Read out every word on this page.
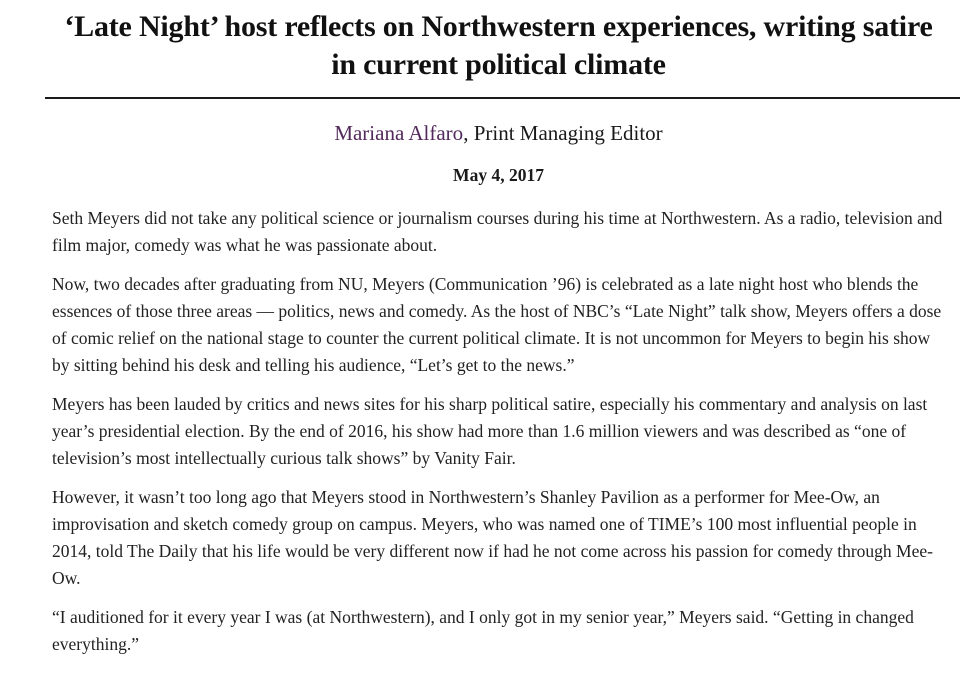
‘Late Night’ host reflects on Northwestern experiences, writing satire in current political climate
Mariana Alfaro, Print Managing Editor
May 4, 2017

Seth Meyers did not take any political science or journalism courses during his time at Northwestern. As a radio, television and film major, comedy was what he was passionate about.

Now, two decades after graduating from NU, Meyers (Communication ’96) is celebrated as a late night host who blends the essences of those three areas — politics, news and comedy. As the host of NBC’s “Late Night” talk show, Meyers offers a dose of comic relief on the national stage to counter the current political climate. It is not uncommon for Meyers to begin his show by sitting behind his desk and telling his audience, “Let’s get to the news.”

Meyers has been lauded by critics and news sites for his sharp political satire, especially his commentary and analysis on last year’s presidential election. By the end of 2016, his show had more than 1.6 million viewers and was described as “one of television’s most intellectually curious talk shows” by Vanity Fair.

However, it wasn’t too long ago that Meyers stood in Northwestern’s Shanley Pavilion as a performer for Mee-Ow, an improvisation and sketch comedy group on campus. Meyers, who was named one of TIME’s 100 most influential people in 2014, told The Daily that his life would be very different now if had he not come across his passion for comedy through Mee-Ow.

“I auditioned for it every year I was (at Northwestern), and I only got in my senior year,” Meyers said. “Getting in changed everything.”
